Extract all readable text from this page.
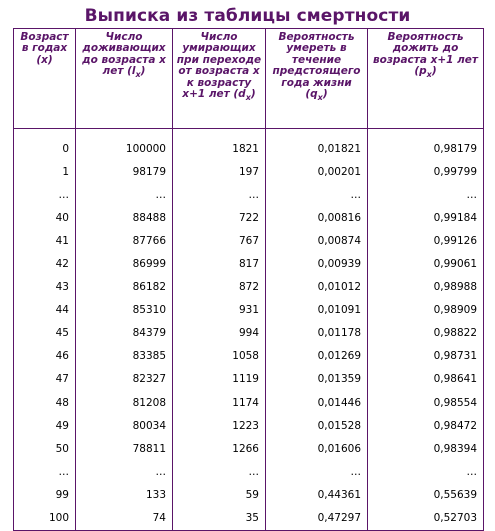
Выписка из таблицы смертности
Возраст в годах (x)	Число доживающих до возраста x лет $(l_x)$	Число умирающих при переходе от возраста x к возрасту x+1 лет $(d_x)$	Вероятность умереть в течение предстоящего года жизни $(q_x)$	Вероятность дожить до возраста x+1 лет $(p_x)$

0	100000	1821	0,01821	0,98179
1	98179	197	0,00201	0,99799
…	…	…	…	…
40	88488	722	0,00816	0,99184
41	87766	767	0,00874	0,99126
42	86999	817	0,00939	0,99061
43	86182	872	0,01012	0,98988
44	85310	931	0,01091	0,98909
45	84379	994	0,01178	0,98822
46	83385	1058	0,01269	0,98731
47	82327	1119	0,01359	0,98641
48	81208	1174	0,01446	0,98554
49	80034	1223	0,01528	0,98472
50	78811	1266	0,01606	0,98394
…	…	…	…	…
99	133	59	0,44361	0,55639
100	74	35	0,47297	0,52703
